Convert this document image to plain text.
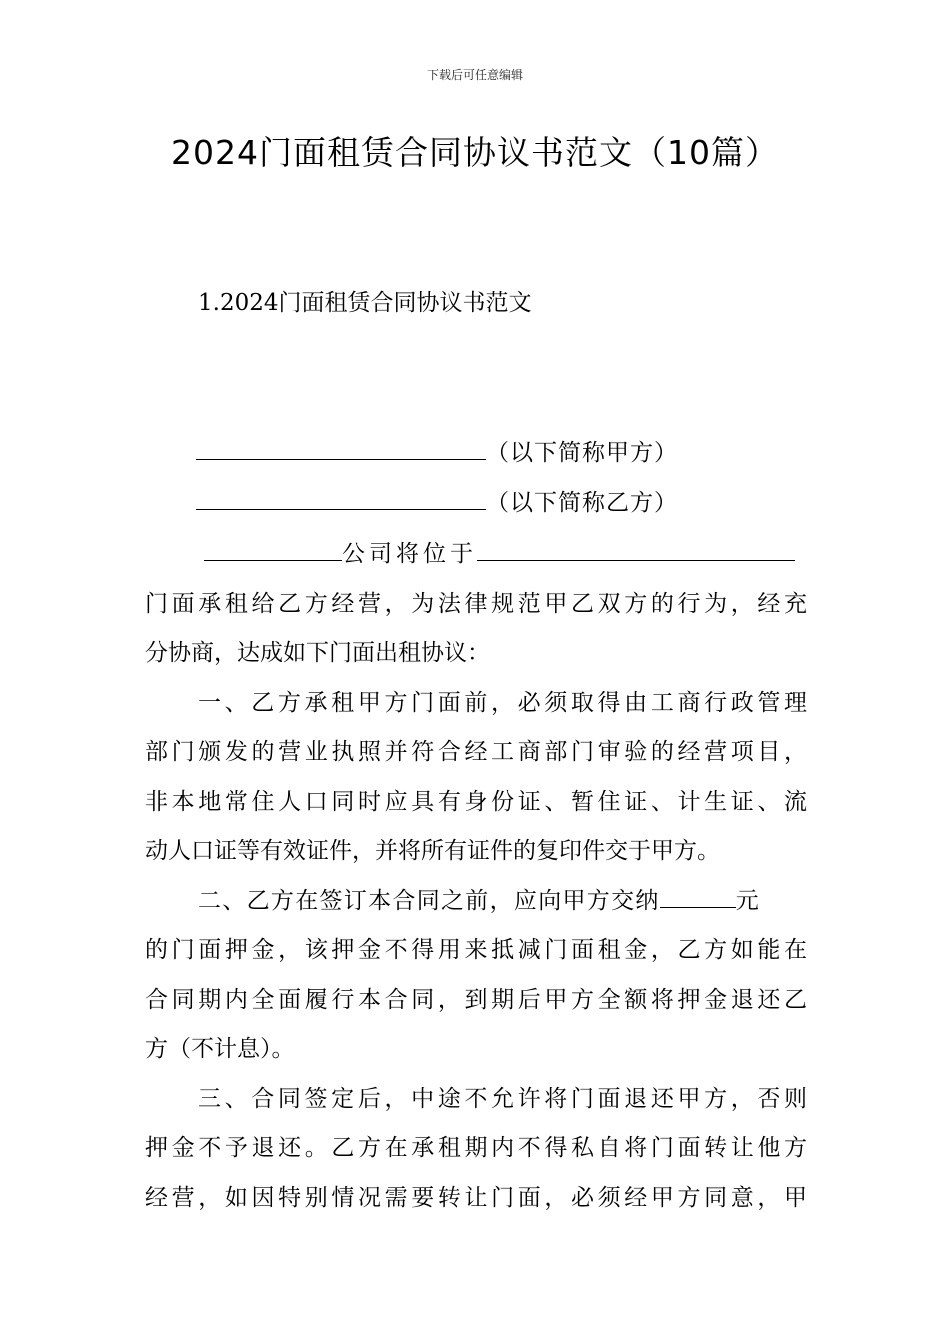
下载后可任意编辑
2024门面租赁合同协议书范文（10篇）
1.2024门面租赁合同协议书范文
（以下简称甲方）
（以下简称乙方）
公司将位于
门面承租给乙方经营，为法律规范甲乙双方的行为，经充
分协商，达成如下门面出租协议：
一、乙方承租甲方门面前，必须取得由工商行政管理
部门颁发的营业执照并符合经工商部门审验的经营项目，
非本地常住人口同时应具有身份证、暂住证、计生证、流
动人口证等有效证件，并将所有证件的复印件交于甲方。
二、乙方在签订本合同之前，应向甲方交纳	元
的门面押金，该押金不得用来抵减门面租金，乙方如能在
合同期内全面履行本合同，到期后甲方全额将押金退还乙
方（不计息）。
三、合同签定后，中途不允许将门面退还甲方，否则
押金不予退还。乙方在承租期内不得私自将门面转让他方
经营，如因特别情况需要转让门面，必须经甲方同意，甲
